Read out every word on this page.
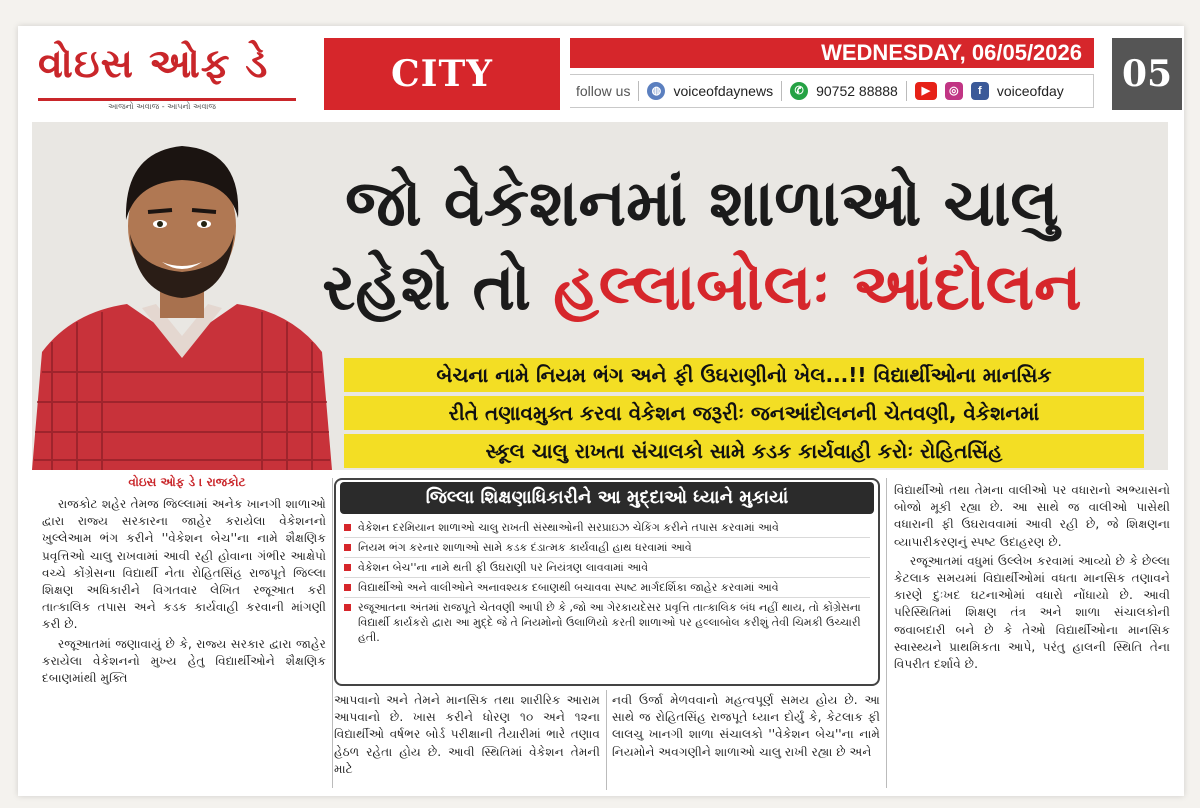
વોઇસ ઓફ ડે
આજનો અવાજ - આપનો અવાજ
CITY
WEDNESDAY, 06/05/2026
follow us	◍ voiceofdaynews	✆ 90752 88888	▶	◎	f	voiceofday 05
જો વેકેશનમાં શાળાઓ ચાલુ
રહેશે તો હલ્લાબોલઃ આંદોલન
બેચના નામે નિયમ ભંગ અને ફી ઉઘરાણીનો ખેલ...!! વિદ્યાર્થીઓના માનસિક
રીતે તણાવમુક્ત કરવા વેકેશન જરૂરીઃ જનઆંદોલનની ચેતવણી, વેકેશનમાં
સ્કૂલ ચાલુ રાખતા સંચાલકો સામે કડક કાર્યવાહી કરોઃ રોહિતસિંહ
વોઇસ ઓફ ડે । રાજકોટ

રાજકોટ શહેર તેમજ જિલ્લામાં અનેક ખાનગી શાળાઓ દ્વારા રાજ્ય સરકારના જાહેર કરાયેલા વેકેશનનો ખુલ્લેઆમ ભંગ કરીને ''વેકેશન બેચ''ના નામે શૈક્ષણિક પ્રવૃત્તિઓ ચાલુ રાખવામાં આવી રહી હોવાના ગંભીર આક્ષેપો વચ્ચે કોંગ્રેસના વિદ્યાર્થી નેતા રોહિતસિંહ રાજપૂતે જિલ્લા શિક્ષણ અધિકારીને વિગતવાર લેખિત રજૂઆત કરી તાત્કાલિક તપાસ અને કડક કાર્યવાહી કરવાની માંગણી કરી છે.

રજૂઆતમાં જણાવાયું છે કે, રાજ્ય સરકાર દ્વારા જાહેર કરાયેલા વેકેશનનો મુખ્ય હેતુ વિદ્યાર્થીઓને શૈક્ષણિક દબાણમાંથી મુક્તિ

જિલ્લા શિક્ષણાધિકારીને આ મુદ્દાઓ ધ્યાને મુકાયાં
વેકેશન દરમિયાન શાળાઓ ચાલુ રાખતી સંસ્થાઓની સરપ્રાઇઝ ચેકિંગ કરીને તપાસ કરવામાં આવે
નિયમ ભંગ કરનાર શાળાઓ સામે કડક દંડાત્મક કાર્યવાહી હાથ ધરવામાં આવે
વેકેશન બેચ''ના નામે થતી ફી ઉઘરાણી પર નિયંત્રણ લાવવામાં આવે
વિદ્યાર્થીઓ અને વાલીઓને અનાવશ્યક દબાણથી બચાવવા સ્પષ્ટ માર્ગદર્શિકા જાહેર કરવામાં આવે
રજૂઆતના અંતમાં રાજપૂતે ચેતવણી આપી છે કે ,જો આ ગેરકાયદેસર પ્રવૃત્તિ તાત્કાલિક બંધ નહીં થાય, તો કોંગ્રેસના વિદ્યાર્થી કાર્યકરો દ્વારા આ મુદ્દે જે તે નિયમોનો ઉલાળિયો કરતી શાળાઓ પર હલ્લાબોલ કરીશું તેવી ચિમકી ઉચ્ચારી હતી.

આપવાનો અને તેમને માનસિક તથા શારીરિક આરામ આપવાનો છે. ખાસ કરીને ધોરણ ૧૦ અને ૧૨ના વિદ્યાર્થીઓ વર્ષભર બોર્ડ પરીક્ષાની તૈયારીમાં ભારે તણાવ હેઠળ રહેતા હોય છે. આવી સ્થિતિમાં વેકેશન તેમની માટે

નવી ઉર્જા મેળવવાનો મહત્વપૂર્ણ સમય હોય છે. આ સાથે જ રોહિતસિંહ રાજપૂતે ધ્યાન દોર્યું કે, કેટલાક ફી લાલચુ ખાનગી શાળા સંચાલકો ''વેકેશન બેચ''ના નામે નિયમોને અવગણીને શાળાઓ ચાલુ રાખી રહ્યા છે અને

વિદ્યાર્થીઓ તથા તેમના વાલીઓ પર વધારાનો અભ્યાસનો બોજો મૂકી રહ્યા છે. આ સાથે જ વાલીઓ પાસેથી વધારાની ફી ઉઘરાવવામાં આવી રહી છે, જે શિક્ષણના વ્યાપારીકરણનું સ્પષ્ટ ઉદાહરણ છે.

રજૂઆતમાં વધુમાં ઉલ્લેખ કરવામાં આવ્યો છે કે છેલ્લા કેટલાક સમયમાં વિદ્યાર્થીઓમાં વધતા માનસિક તણાવને કારણે દુઃખદ ઘટનાઓમાં વધારો નોંધાયો છે. આવી પરિસ્થિતિમાં શિક્ષણ તંત્ર અને શાળા સંચાલકોની જવાબદારી બને છે કે તેઓ વિદ્યાર્થીઓના માનસિક સ્વાસ્થ્યને પ્રાથમિકતા આપે, પરંતુ હાલની સ્થિતિ તેના વિપરીત દર્શાવે છે.
